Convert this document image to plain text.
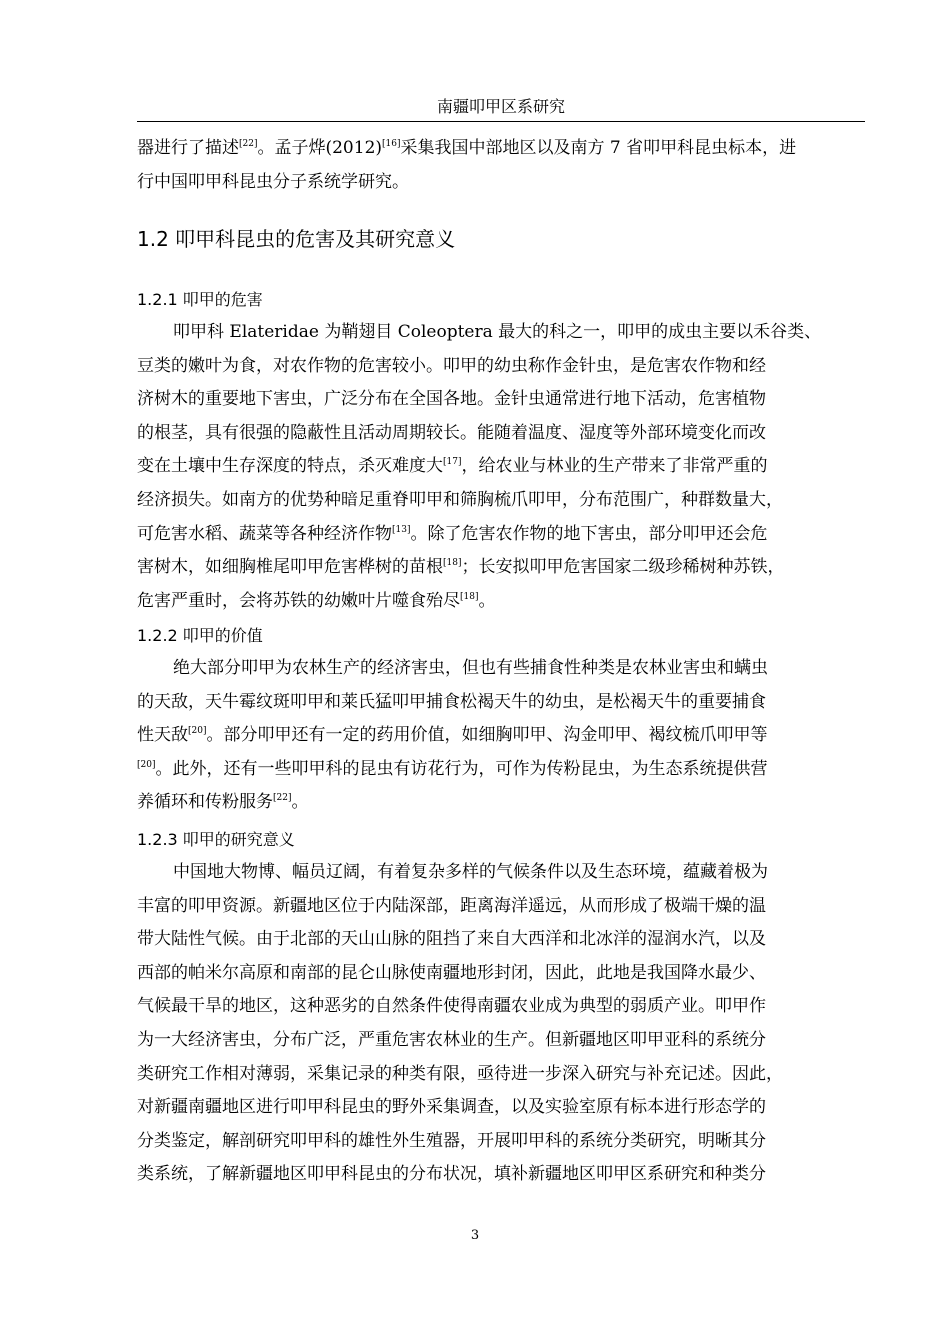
南疆叩甲区系研究
器进行了描述[22]。孟子烨(2012)[16]采集我国中部地区以及南方 7 省叩甲科昆虫标本，进
行中国叩甲科昆虫分子系统学研究。
1.2 叩甲科昆虫的危害及其研究意义
1.2.1 叩甲的危害
叩甲科 Elateridae 为鞘翅目 Coleoptera 最大的科之一，叩甲的成虫主要以禾谷类、
豆类的嫩叶为食，对农作物的危害较小。叩甲的幼虫称作金针虫，是危害农作物和经
济树木的重要地下害虫，广泛分布在全国各地。金针虫通常进行地下活动，危害植物
的根茎，具有很强的隐蔽性且活动周期较长。能随着温度、湿度等外部环境变化而改
变在土壤中生存深度的特点，杀灭难度大[17]，给农业与林业的生产带来了非常严重的
经济损失。如南方的优势种暗足重脊叩甲和筛胸梳爪叩甲，分布范围广，种群数量大，
可危害水稻、蔬菜等各种经济作物[13]。除了危害农作物的地下害虫，部分叩甲还会危
害树木，如细胸椎尾叩甲危害桦树的苗根[18]；长安拟叩甲危害国家二级珍稀树种苏铁，
危害严重时，会将苏铁的幼嫩叶片噬食殆尽[18]。
1.2.2 叩甲的价值
绝大部分叩甲为农林生产的经济害虫，但也有些捕食性种类是农林业害虫和螨虫
的天敌，天牛霉纹斑叩甲和莱氏猛叩甲捕食松褐天牛的幼虫，是松褐天牛的重要捕食
性天敌[20]。部分叩甲还有一定的药用价值，如细胸叩甲、沟金叩甲、褐纹梳爪叩甲等
[20]。此外，还有一些叩甲科的昆虫有访花行为，可作为传粉昆虫，为生态系统提供营
养循环和传粉服务[22]。
1.2.3 叩甲的研究意义
中国地大物博、幅员辽阔，有着复杂多样的气候条件以及生态环境，蕴藏着极为
丰富的叩甲资源。新疆地区位于内陆深部，距离海洋遥远，从而形成了极端干燥的温
带大陆性气候。由于北部的天山山脉的阻挡了来自大西洋和北冰洋的湿润水汽，以及
西部的帕米尔高原和南部的昆仑山脉使南疆地形封闭，因此，此地是我国降水最少、
气候最干旱的地区，这种恶劣的自然条件使得南疆农业成为典型的弱质产业。叩甲作
为一大经济害虫，分布广泛，严重危害农林业的生产。但新疆地区叩甲亚科的系统分
类研究工作相对薄弱，采集记录的种类有限，亟待进一步深入研究与补充记述。因此，
对新疆南疆地区进行叩甲科昆虫的野外采集调查，以及实验室原有标本进行形态学的
分类鉴定，解剖研究叩甲科的雄性外生殖器，开展叩甲科的系统分类研究，明晰其分
类系统，了解新疆地区叩甲科昆虫的分布状况，填补新疆地区叩甲区系研究和种类分
3
